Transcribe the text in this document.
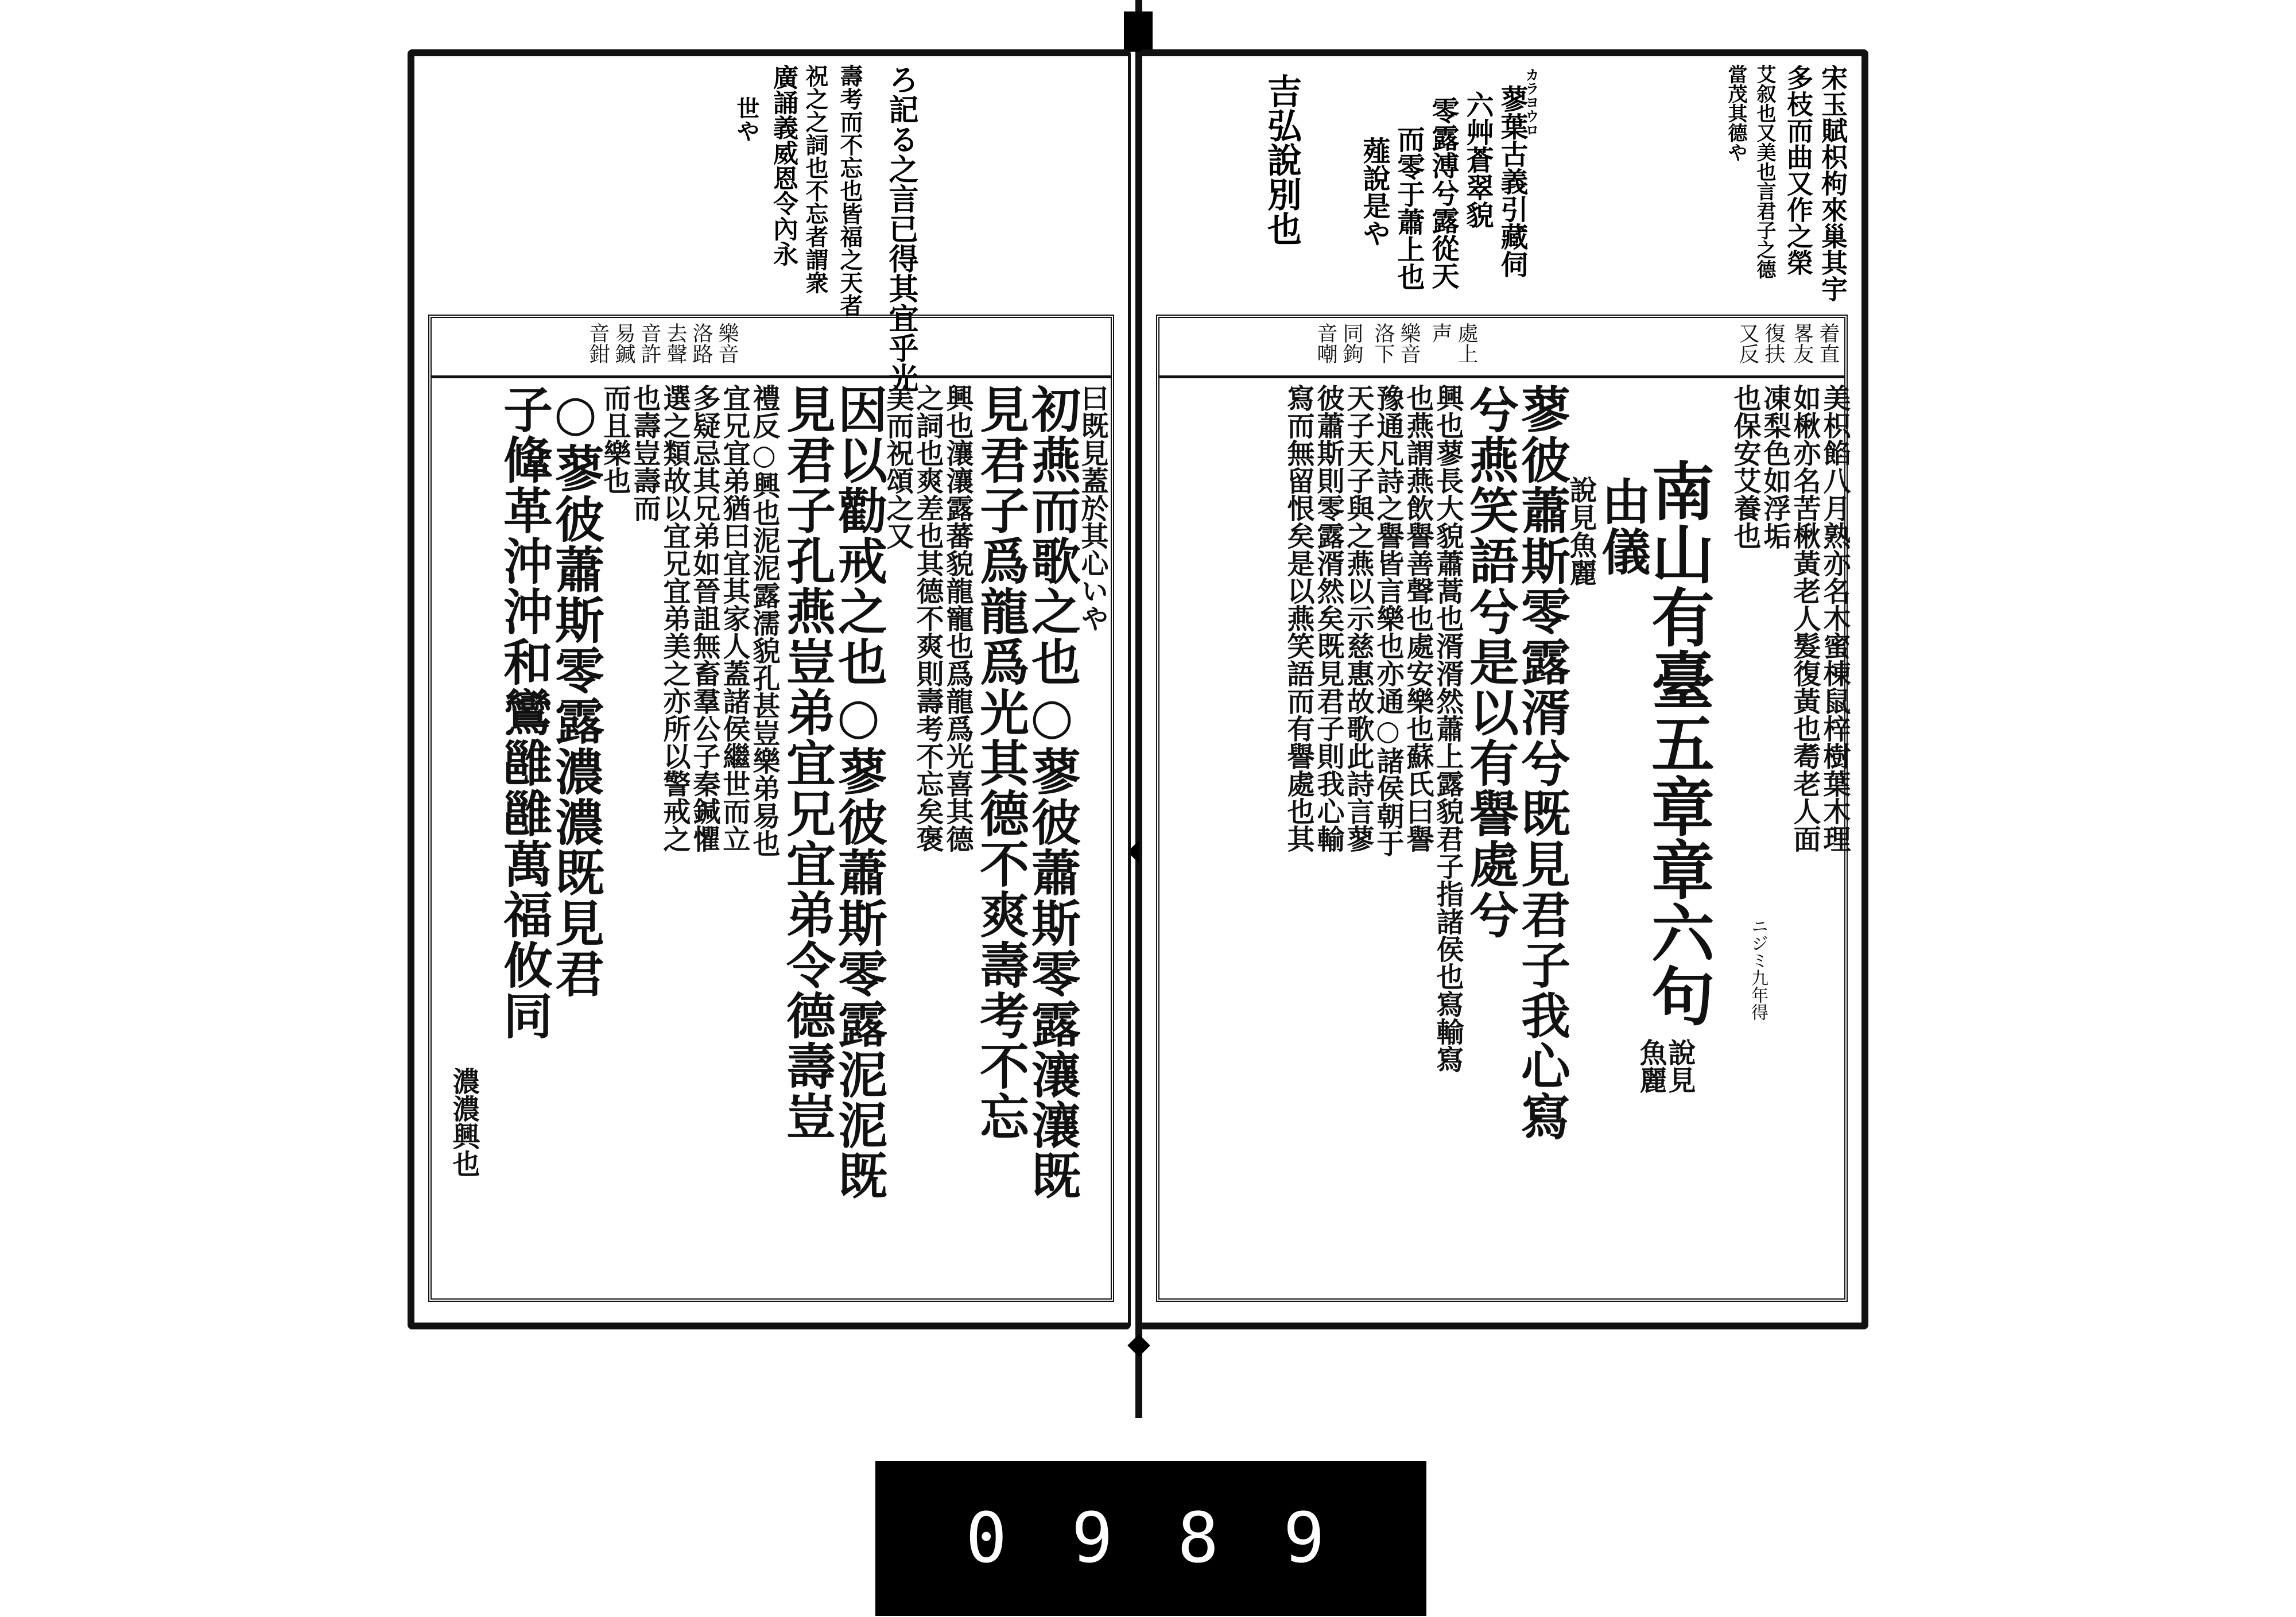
ろ記る之言已得其宜乎光
壽考而不忘也皆福之天者
祝之之詞也不忘者謂衆
廣誦義威恩令內永
世や
樂音
洛路
去聲
音許
易鍼
音鉗
曰既見蓋於其心いや
初燕而歌之也○蓼彼蕭斯零露瀼瀼既
見君子爲龍爲光其德不爽壽考不忘
興也瀼瀼露蕃貌龍寵也爲龍爲光喜其德
之詞也爽差也其德不爽則壽考不忘矣褒
美而祝頌之又
因以勸戒之也○蓼彼蕭斯零露泥泥既
見君子孔燕豈弟宜兄宜弟令德壽豈
禮反○興也泥泥露濡貌孔甚豈樂弟易也
宜兄宜弟猶曰宜其家人蓋諸侯繼世而立
多疑忌其兄弟如晉詛無畜羣公子秦鍼懼
選之類故以宜兄宜弟美之亦所以警戒之
也壽豈壽而
而且樂也
○蓼彼蕭斯零露濃濃既見君
子鞗革沖沖和鸞雝雝萬福攸同
濃濃興也
宋玉賦枳枸來巢其宇
多枝而曲又作之榮
艾叙也又美也言君子之德
當茂其德や
カラヨウロ
蓼葉古義引藏伺
六艸蒼翠貌
零露溥兮露從天
而零于蕭上也
薤說是や
吉弘說別也
着直
畧友
復扶
又反
處上
声
樂音
洛下
同鉤
音嘲
美枳餡八月熟亦名木蜜棟鼠梓樹葉木理
如楸亦名苦楸黃老人髮復黃也耈老人面
凍梨色如浮垢
也保安艾養也
南山有臺五章章六句
說見
魚麗
由儀
說見魚麗
蓼彼蕭斯零露湑兮既見君子我心寫
兮燕笑語兮是以有譽處兮
興也蓼長大貌蕭蒿也湑湑然蕭上露貌君子指諸侯也寫輸寫
也燕謂燕飲譽善聲也處安樂也蘇氏曰譽
豫通凡詩之譽皆言樂也亦通○諸侯朝于
天子天子與之燕以示慈惠故歌此詩言蓼
彼蕭斯則零露湑然矣既見君子則我心輸
寫而無留恨矣是以燕笑語而有譽處也其
ニジミ九年得
0 9 8 9
